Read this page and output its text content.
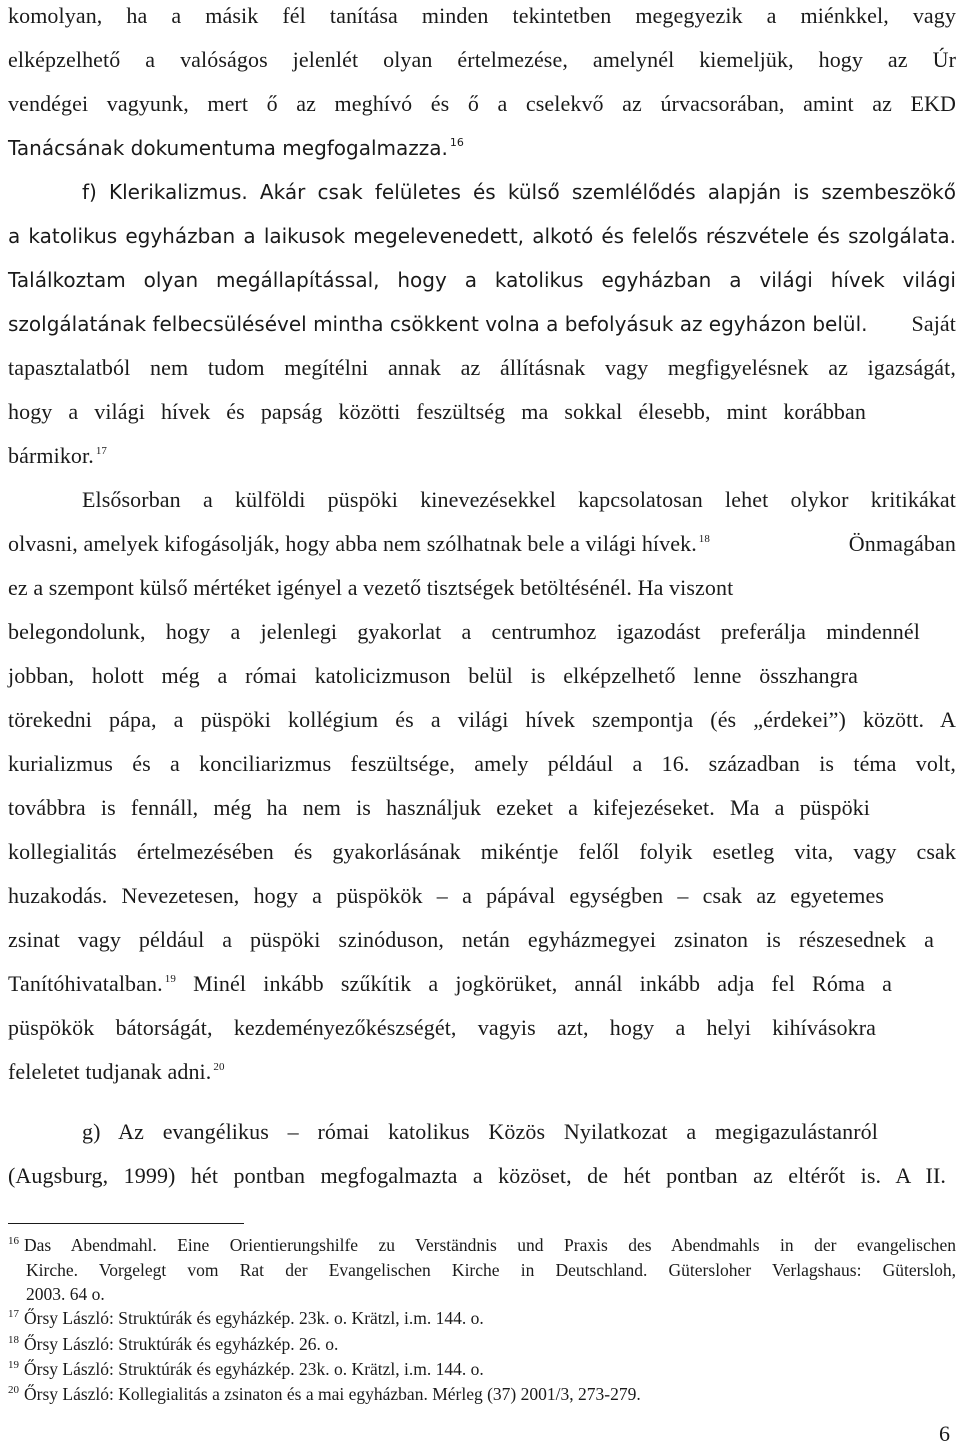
komolyan, ha a másik fél tanítása minden tekintetben megegyezik a miénkkel, vagy
elképzelhető a valóságos jelenlét olyan értelmezése, amelynél kiemeljük, hogy az Úr
vendégei vagyunk, mert ő az meghívó és ő a cselekvő az úrvacsorában, amint az EKD
Tanácsának dokumentuma megfogalmazza. $^{16}$
f) Klerikalizmus. Akár csak felületes és külső szemlélődés alapján is szembeszökő
a katolikus egyházban a laikusok megelevenedett, alkotó és felelős részvétele és szolgálata.
Találkoztam olyan megállapítással, hogy a katolikus egyházban a világi hívek világi
szolgálatának felbecsülésével mintha csökkent volna a befolyásuk az egyházon belül. Saját
tapasztalatból nem tudom megítélni annak az állításnak vagy megfigyelésnek az igazságát,
hogy a világi hívek és papság közötti feszültség ma sokkal élesebb, mint korábban
bármikor. $^{17}$
Elsősorban a külföldi püspöki kinevezésekkel kapcsolatosan lehet olykor kritikákat
olvasni, amelyek kifogásolják, hogy abba nem szólhatnak bele a világi hívek. $^{18}$	Önmagában
ez a szempont külső mértéket igényel a vezető tisztségek betöltésénél. Ha viszont
belegondolunk, hogy a jelenlegi gyakorlat a centrumhoz igazodást preferálja mindennél
jobban, holott még a római katolicizmuson belül is elképzelhető lenne összhangra
törekedni pápa, a püspöki kollégium és a világi hívek szempontja (és „érdekei”) között. A
kurializmus és a konciliarizmus feszültsége, amely például a 16. században is téma volt,
továbbra is fennáll, még ha nem is használjuk ezeket a kifejezéseket. Ma a püspöki
kollegialitás értelmezésében és gyakorlásának mikéntje felől folyik esetleg vita, vagy csak
huzakodás. Nevezetesen, hogy a püspökök – a pápával egységben – csak az egyetemes
zsinat vagy például a püspöki szinóduson, netán egyházmegyei zsinaton is részesednek a
Tanítóhivatalban. $^{19}$ Minél inkább szűkítik a jogkörüket, annál inkább adja fel Róma a
püspökök bátorságát, kezdeményezőkészségét, vagyis azt, hogy a helyi kihívásokra
feleletet tudjanak adni. $^{20}$
g) Az evangélikus – római katolikus Közös Nyilatkozat a megigazulástanról
(Augsburg, 1999) hét pontban megfogalmazta a közöset, de hét pontban az eltérőt is. A II.
$^{16}$ Das Abendmahl. Eine Orientierungshilfe zu Verständnis und Praxis des Abendmahls in der evangelischen
Kirche. Vorgelegt vom Rat der Evangelischen Kirche in Deutschland. Gütersloher Verlagshaus: Gütersloh,
2003. 64 o.
$^{17}$ Őrsy László: Struktúrák és egyházkép. 23k. o. Krätzl, i.m. 144. o.
$^{18}$ Őrsy László: Struktúrák és egyházkép. 26. o.
$^{19}$ Őrsy László: Struktúrák és egyházkép. 23k. o. Krätzl, i.m. 144. o.
$^{20}$ Őrsy László: Kollegialitás a zsinaton és a mai egyházban. Mérleg (37) 2001/3, 273-279.
6
